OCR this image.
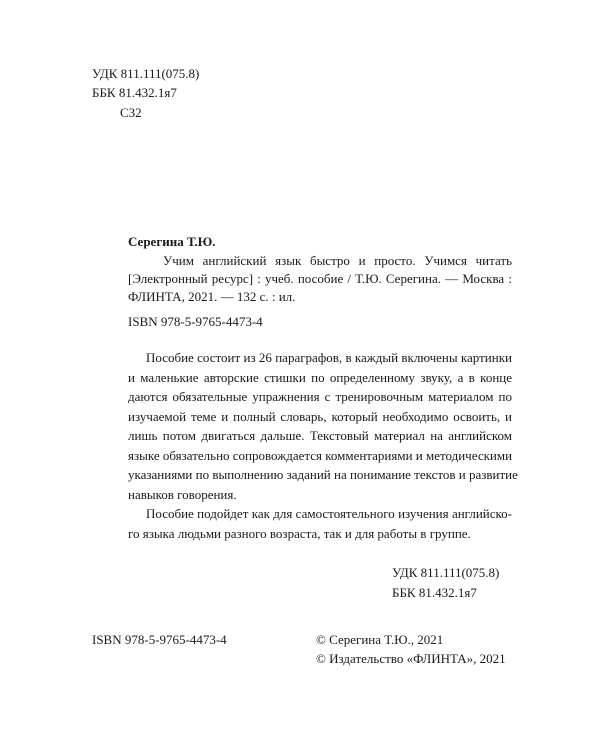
УДК 811.111(075.8)
ББК 81.432.1я7
С32
Серегина Т.Ю.
Учим английский язык быстро и просто. Учимся читать
[Электронный ресурс] : учеб. пособие / Т.Ю. Серегина. — Москва :
ФЛИНТА, 2021. — 132 с. : ил.
ISBN 978-5-9765-4473-4
Пособие состоит из 26 параграфов, в каждый включены картинки
и маленькие авторские стишки по определенному звуку, а в конце
даются обязательные упражнения с тренировочным материалом по
изучаемой теме и полный словарь, который необходимо освоить, и
лишь потом двигаться дальше. Текстовый материал на английском
языке обязательно сопровождается комментариями и методическими
указаниями по выполнению заданий на понимание текстов и развитие
навыков говорения.
Пособие подойдет как для самостоятельного изучения английско-
го языка людьми разного возраста, так и для работы в группе.
УДК 811.111(075.8)
ББК 81.432.1я7
ISBN 978-5-9765-4473-4	© Серегина Т.Ю., 2021
© Издательство «ФЛИНТА», 2021
